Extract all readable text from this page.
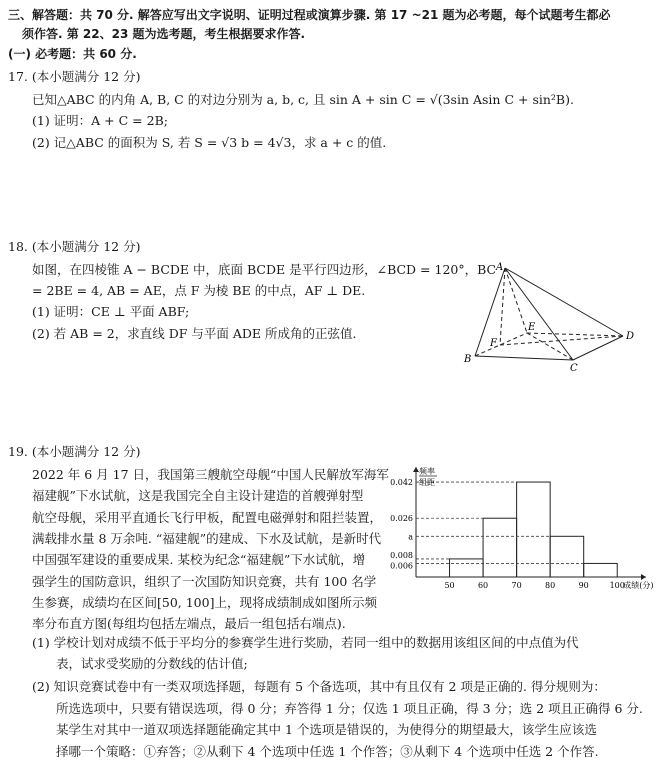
三、解答题：共 70 分. 解答应写出文字说明、证明过程或演算步骤. 第 17 ~21 题为必考题，每个试题考生都必
须作答. 第 22、23 题为选考题，考生根据要求作答.
(一) 必考题：共 60 分.
17. (本小题满分 12 分)
已知△ABC 的内角 A, B, C 的对边分别为 a, b, c, 且 sin A + sin C = √(3sin Asin C + sin²B).
(1) 证明：A + C = 2B;
(2) 记△ABC 的面积为 S, 若 S = √3 b = 4√3，求 a + c 的值.
18. (本小题满分 12 分)
如图，在四棱锥 A − BCDE 中，底面 BCDE 是平行四边形，∠BCD = 120°，BC
= 2BE = 4, AB = AE，点 F 为棱 BE 的中点，AF ⊥ DE.
(1) 证明：CE ⊥ 平面 ABF;
(2) 若 AB = 2，求直线 DF 与平面 ADE 所成角的正弦值.
A
B
C
D
E
F
19. (本小题满分 12 分)
2022 年 6 月 17 日，我国第三艘航空母舰“中国人民解放军海军
福建舰”下水试航，这是我国完全自主设计建造的首艘弹射型
航空母舰，采用平直通长飞行甲板，配置电磁弹射和阻拦装置，
满载排水量 8 万余吨. “福建舰”的建成、下水及试航，是新时代
中国强军建设的重要成果. 某校为纪念“福建舰”下水试航，增
强学生的国防意识，组织了一次国防知识竞赛，共有 100 名学
生参赛，成绩均在区间[50, 100]上，现将成绩制成如图所示频
率分布直方图(每组均包括左端点，最后一组包括右端点).
0.006
0.008
a
0.026
0.042
50	60	70	80	90	100
频率
组距
成绩(分)
(1) 学校计划对成绩不低于平均分的参赛学生进行奖励，若同一组中的数据用该组区间的中点值为代
表，试求受奖励的分数线的估计值;
(2) 知识竞赛试卷中有一类双项选择题，每题有 5 个备选项，其中有且仅有 2 项是正确的. 得分规则为：
所选选项中，只要有错误选项，得 0 分；弃答得 1 分；仅选 1 项且正确，得 3 分；选 2 项且正确得 6 分.
某学生对其中一道双项选择题能确定其中 1 个选项是错误的，为使得分的期望最大，该学生应该选
择哪一个策略：①弃答；②从剩下 4 个选项中任选 1 个作答；③从剩下 4 个选项中任选 2 个作答.
